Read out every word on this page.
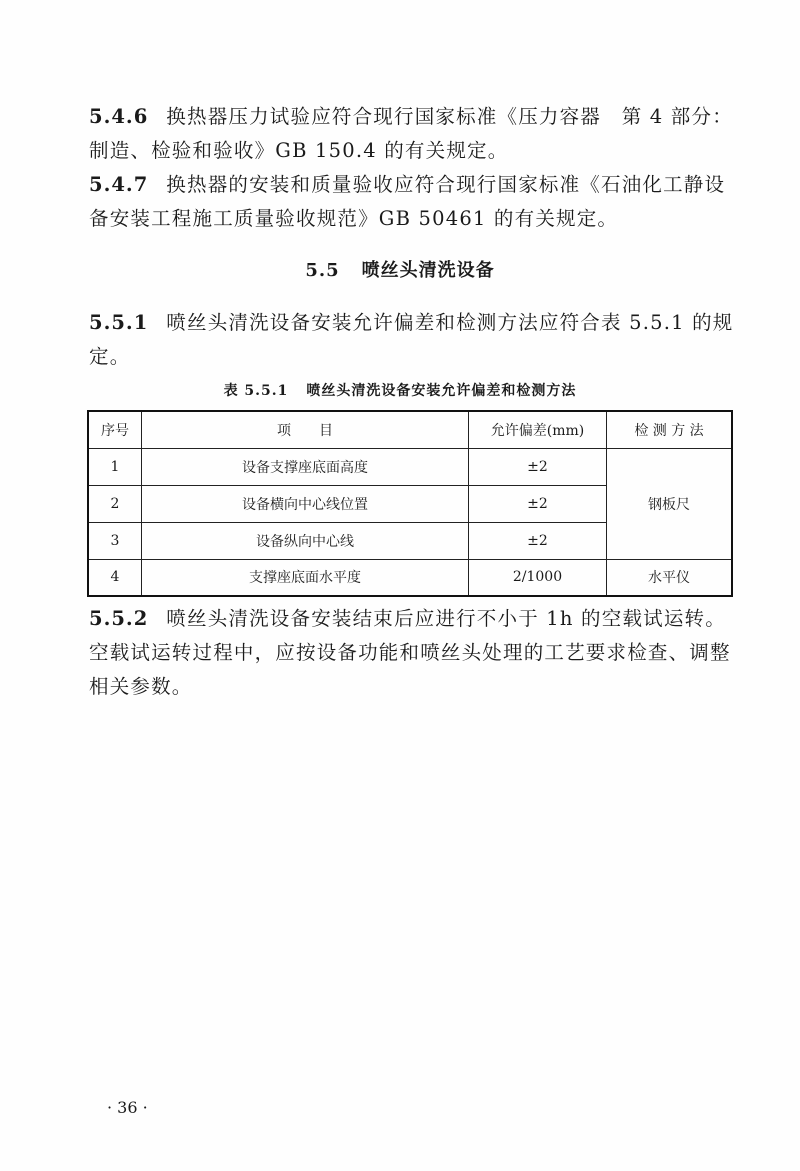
5.4.6 换热器压力试验应符合现行国家标准《压力容器　第 4 部分：制造、检验和验收》GB 150.4 的有关规定。
5.4.7 换热器的安装和质量验收应符合现行国家标准《石油化工静设备安装工程施工质量验收规范》GB 50461 的有关规定。
5.5 喷丝头清洗设备
5.5.1 喷丝头清洗设备安装允许偏差和检测方法应符合表 5.5.1 的规定。
表 5.5.1 喷丝头清洗设备安装允许偏差和检测方法
序号	项　　目	允许偏差(mm)	检 测 方 法
1	设备支撑座底面高度	±2	钢板尺
2	设备横向中心线位置	±2	
3	设备纵向中心线	±2	
4	支撑座底面水平度	2/1000	水平仪
5.5.2 喷丝头清洗设备安装结束后应进行不小于 1h 的空载试运转。空载试运转过程中，应按设备功能和喷丝头处理的工艺要求检查、调整相关参数。
· 36 ·
